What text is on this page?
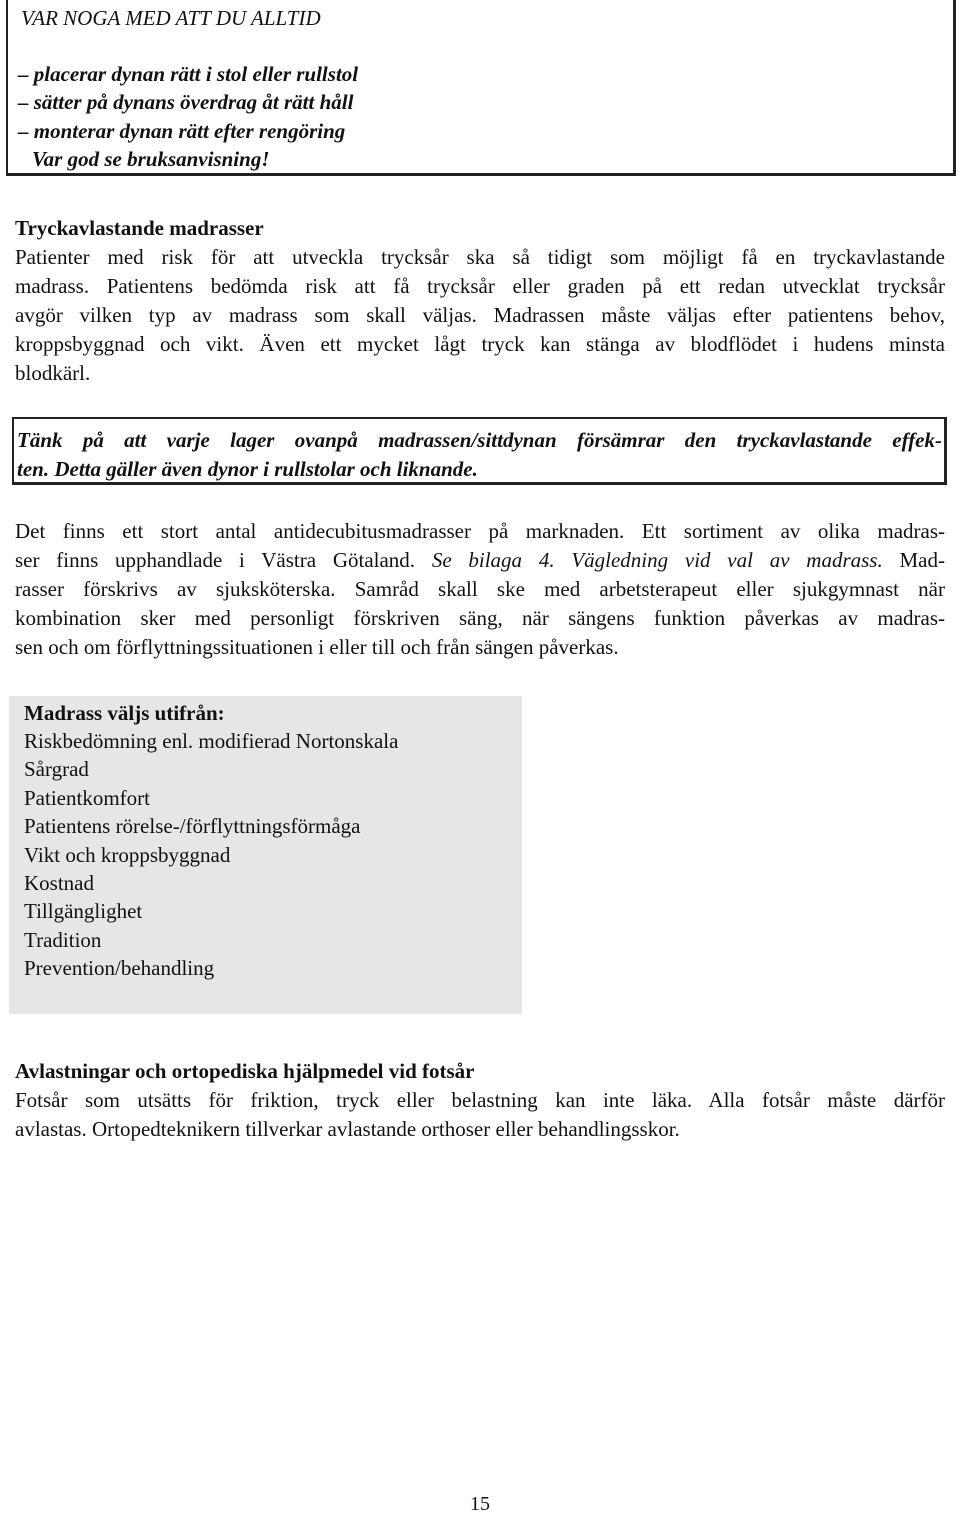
VAR NOGA MED ATT DU ALLTID
– placerar dynan rätt i stol eller rullstol
– sätter på dynans överdrag åt rätt håll
– monterar dynan rätt efter rengöring
Var god se bruksanvisning!
Tryckavlastande madrasser
Patienter med risk för att utveckla trycksår ska så tidigt som möjligt få en tryckavlastande
madrass. Patientens bedömda risk att få trycksår eller graden på ett redan utvecklat trycksår
avgör vilken typ av madrass som skall väljas. Madrassen måste väljas efter patientens behov,
kroppsbyggnad och vikt. Även ett mycket lågt tryck kan stänga av blodflödet i hudens minsta
blodkärl.

Tänk på att varje lager ovanpå madrassen/sittdynan försämrar den tryckavlastande effek-
ten. Detta gäller även dynor i rullstolar och liknande.

Det finns ett stort antal antidecubitusmadrasser på marknaden. Ett sortiment av olika madras-
ser finns upphandlade i Västra Götaland. Se bilaga 4. Vägledning vid val av madrass. Mad-
rasser förskrivs av sjuksköterska. Samråd skall ske med arbetsterapeut eller sjukgymnast när
kombination sker med personligt förskriven säng, när sängens funktion påverkas av madras-
sen och om förflyttningssituationen i eller till och från sängen påverkas.
Madrass väljs utifrån:
Riskbedömning enl. modifierad Nortonskala
Sårgrad
Patientkomfort
Patientens rörelse-/förflyttningsförmåga
Vikt och kroppsbyggnad
Kostnad
Tillgänglighet
Tradition
Prevention/behandling
Avlastningar och ortopediska hjälpmedel vid fotsår
Fotsår som utsätts för friktion, tryck eller belastning kan inte läka. Alla fotsår måste därför
avlastas. Ortopedteknikern tillverkar avlastande orthoser eller behandlingsskor.
15
